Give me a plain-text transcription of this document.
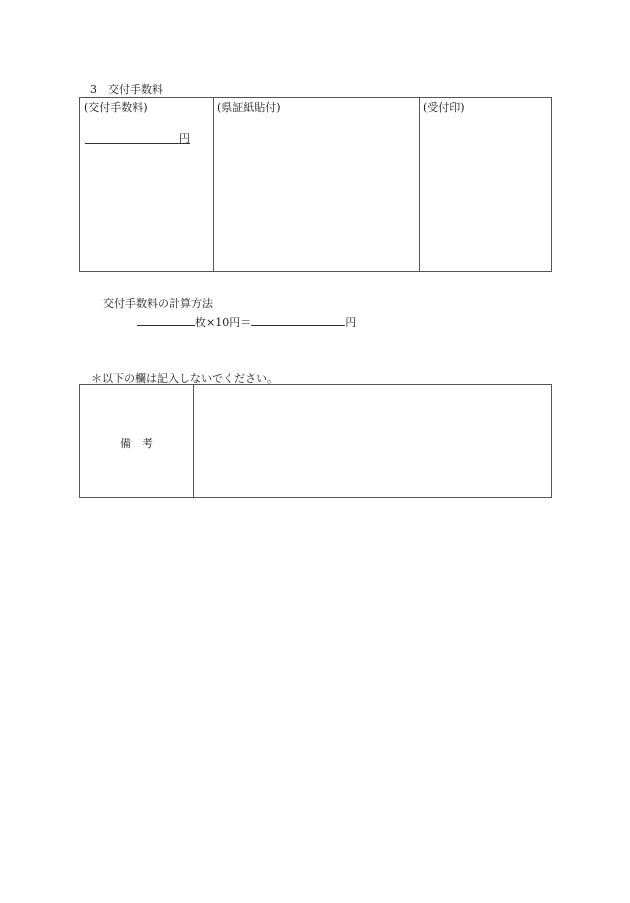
3　交付手数料
(交付手数料)
円
(県証紙貼付)	(受付印)
交付手数料の計算方法
枚×10円＝	円
＊以下の欄は記入しないでください。
備　考
